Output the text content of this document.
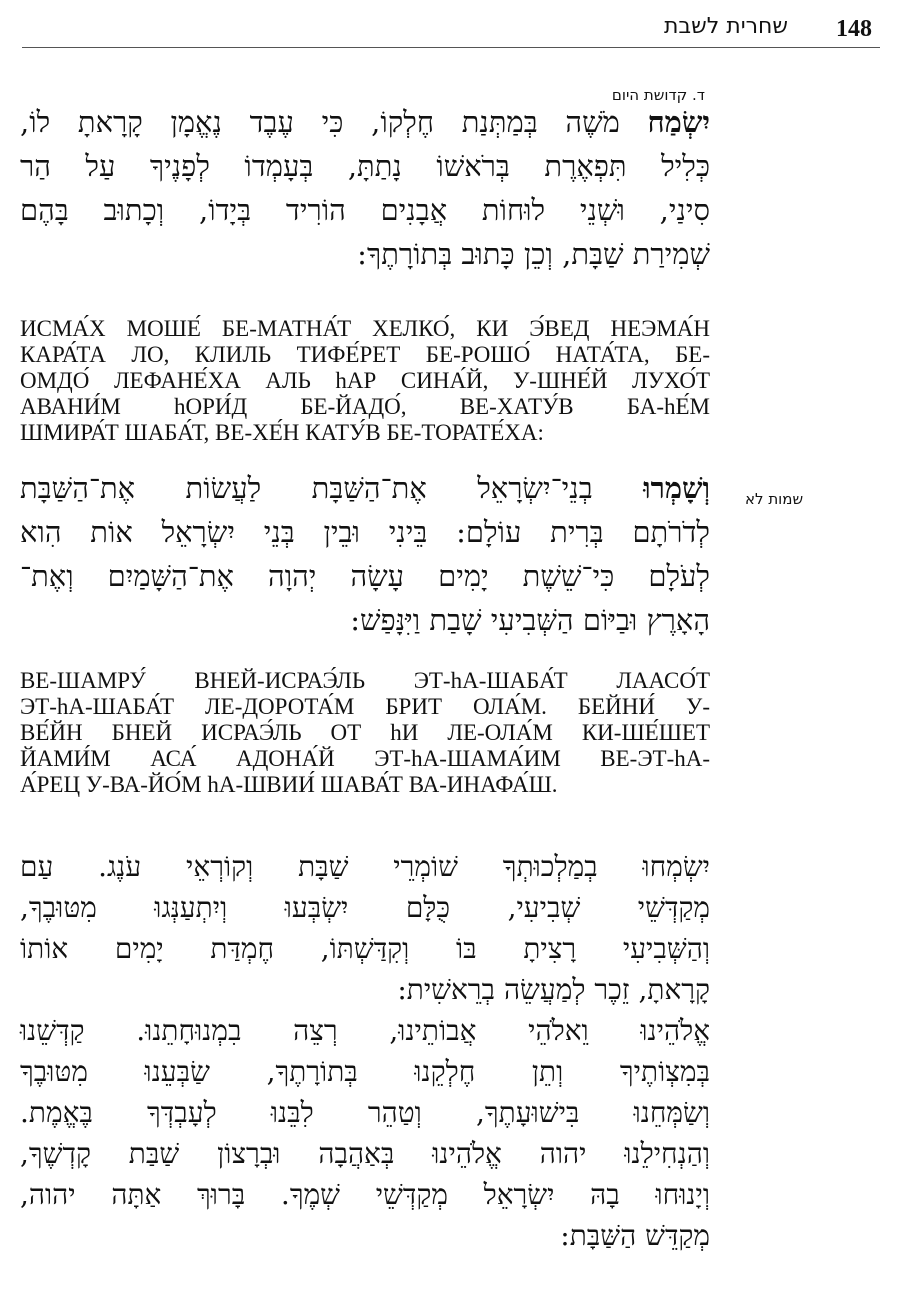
148
שחרית לשבת
ד. קדושת היום
יִשְׂמַח מֹשֶׁה בְּמַתְּנַת חֶלְקוֹ, כִּי עֶבֶד נֶאֱמָן קָרָאתָ לוֹ,
כְּלִיל תִּפְאֶרֶת בְּרֹאשׁוֹ נָתַתָּ, בְּעָמְדוֹ לְפָנֶיךָ עַל הַר
סִינַי, וּשְׁנֵי לוּחוֹת אֲבָנִים הוֹרִיד בְּיָדוֹ, וְכָתוּב בָּהֶם
שְׁמִירַת שַׁבָּת, וְכֵן כָּתוּב בְּתוֹרָתֶךָ:
ИСМА́Х МОШЕ́ БЕ-МАТНА́Т ХЕЛКО́, КИ Э́ВЕД НЕЭМА́Н
КАРА́ТА ЛО, КЛИЛЬ ТИФЕ́РЕТ БЕ-РОШО́ НАТА́ТА, БЕ-
ОМДО́ ЛЕФАНЕ́ХА АЛЬ hАР СИНА́Й, У-ШНЕ́Й ЛУХО́Т
АВАНИ́М hОРИ́Д БЕ-ЙАДО́, ВЕ-ХАТУ́В БА-hЕ́М
ШМИРА́Т ШАБА́Т, ВЕ-ХЕ́Н КАТУ́В БЕ-ТОРАТЕ́ХА:
שמות לא
וְשָׁמְרוּ בְנֵי־יִשְׂרָאֵל אֶת־הַשַּׁבָּת לַעֲשׂוֹת אֶת־הַשַּׁבָּת
לְדֹרֹתָם בְּרִית עוֹלָם: בֵּינִי וּבֵין בְּנֵי יִשְׂרָאֵל אוֹת הִוא
לְעֹלָם כִּי־שֵׁשֶׁת יָמִים עָשָׂה יְהוָה אֶת־הַשָּׁמַיִם וְאֶת־
הָאָרֶץ וּבַיּוֹם הַשְּׁבִיעִי שָׁבַת וַיִּנָּפַשׁ:
ВЕ-ШАМРУ́ ВНЕЙ-ИСРАЭ́ЛЬ ЭТ-hА-ШАБА́Т ЛААСО́Т
ЭТ-hА-ШАБА́Т ЛЕ-ДОРОТА́М БРИТ ОЛА́М. БЕЙНИ́ У-
ВЕ́ЙН БНЕЙ ИСРАЭ́ЛЬ ОТ hИ ЛЕ-ОЛА́М КИ-ШЕ́ШЕТ
ЙАМИ́М АСА́ АДОНА́Й ЭТ-hА-ШАМА́ИМ ВЕ-ЭТ-hА-
А́РЕЦ У-ВА-ЙО́М hА-ШВИИ́ ШАВА́Т ВА-ИНАФА́Ш.
יִשְׂמְחוּ בְמַלְכוּתְךָ שׁוֹמְרֵי שַׁבָּת וְקוֹרְאֵי עֹנֶג. עַם
מְקַדְּשֵׁי שְׁבִיעִי, כֻּלָּם יִשְׂבְּעוּ וְיִתְעַנְּגוּ מִטּוּבֶךָ,
וְהַשְּׁבִיעִי רָצִיתָ בּוֹ וְקִדַּשְׁתּוֹ, חֶמְדַּת יָמִים אוֹתוֹ
קָרָאתָ, זֵכֶר לְמַעֲשֵׂה בְרֵאשִׁית:
אֱלֹהֵינוּ וֵאלֹהֵי אֲבוֹתֵינוּ, רְצֵה בִמְנוּחָתֵנוּ. קַדְּשֵׁנוּ
בְּמִצְוֹתֶיךָ וְתֵן חֶלְקֵנוּ בְּתוֹרָתֶךָ, שַׂבְּעֵנוּ מִטּוּבֶךָ
וְשַׂמְּחֵנוּ בִּישׁוּעָתֶךָ, וְטַהֵר לִבֵּנוּ לְעָבְדְּךָ בֶּאֱמֶת.
וְהַנְחִילֵנוּ יהוה אֱלֹהֵינוּ בְּאַהֲבָה וּבְרָצוֹן שַׁבַּת קָדְשֶׁךָ,
וְיָנוּחוּ בָהּ יִשְׂרָאֵל מְקַדְּשֵׁי שְׁמֶךָ. בָּרוּךְ אַתָּה יהוה,
מְקַדֵּשׁ הַשַּׁבָּת:
